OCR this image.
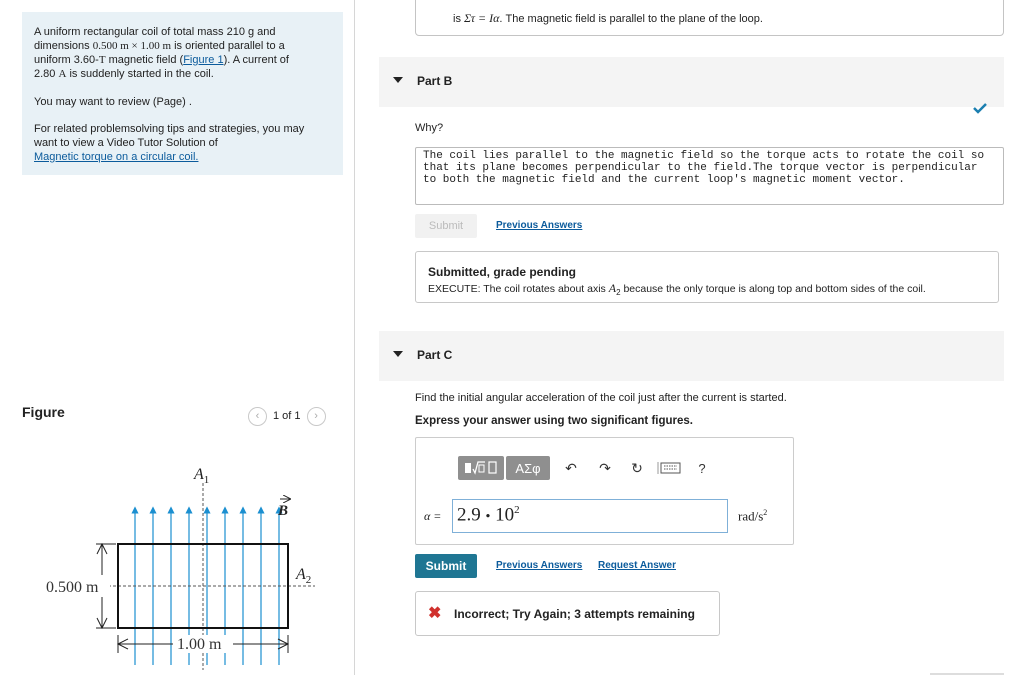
A uniform rectangular coil of total mass 210 g and
dimensions 0.500 m × 1.00 m is oriented parallel to a
uniform 3.60-T magnetic field (Figure 1). A current of
2.80 A is suddenly started in the coil.

You may want to review (Page) .

For related problemsolving tips and strategies, you may
want to view a Video Tutor Solution of
Magnetic torque on a circular coil.

Figure	‹	1 of 1	›
$A_1$
B
$A_2$
0.500 m
1.00 m
is Στ = Iα. The magnetic field is parallel to the plane of the loop.
Part B
Why?
The coil lies parallel to the magnetic field so the torque acts to rotate the coil so that its plane becomes perpendicular to the field.The torque vector is perpendicular to both the magnetic field and the current loop's magnetic moment vector.
Submit	Previous Answers
Submitted, grade pending
EXECUTE: The coil rotates about axis $A_2$ because the only torque is along top and bottom sides of the coil.
Part C
Find the initial angular acceleration of the coil just after the current is started.
Express your answer using two significant figures.
ΑΣφ	↶ ↷ ↻	?
α = 2.9 • $10^2$	rad/$s^2$
Submit	Previous Answers Request Answer
✖ Incorrect; Try Again; 3 attempts remaining
